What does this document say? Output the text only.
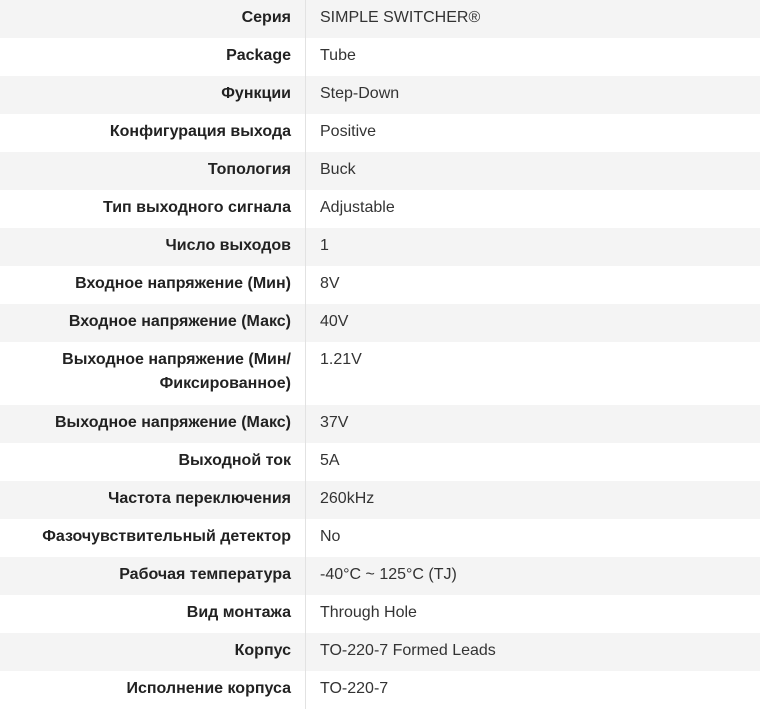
Серия	SIMPLE SWITCHER®
Package	Tube
Функции	Step-Down
Конфигурация выхода	Positive
Топология	Buck
Тип выходного сигнала	Adjustable
Число выходов	1
Входное напряжение (Мин)	8V
Входное напряжение (Макс)	40V
Выходное напряжение (Мин/ Фиксированное)	1.21V
Выходное напряжение (Макс)	37V
Выходной ток	5A
Частота переключения	260kHz
Фазочувствительный детектор	No
Рабочая температура	-40°C ~ 125°C (TJ)
Вид монтажа	Through Hole
Корпус	TO-220-7 Formed Leads
Исполнение корпуса	TO-220-7
